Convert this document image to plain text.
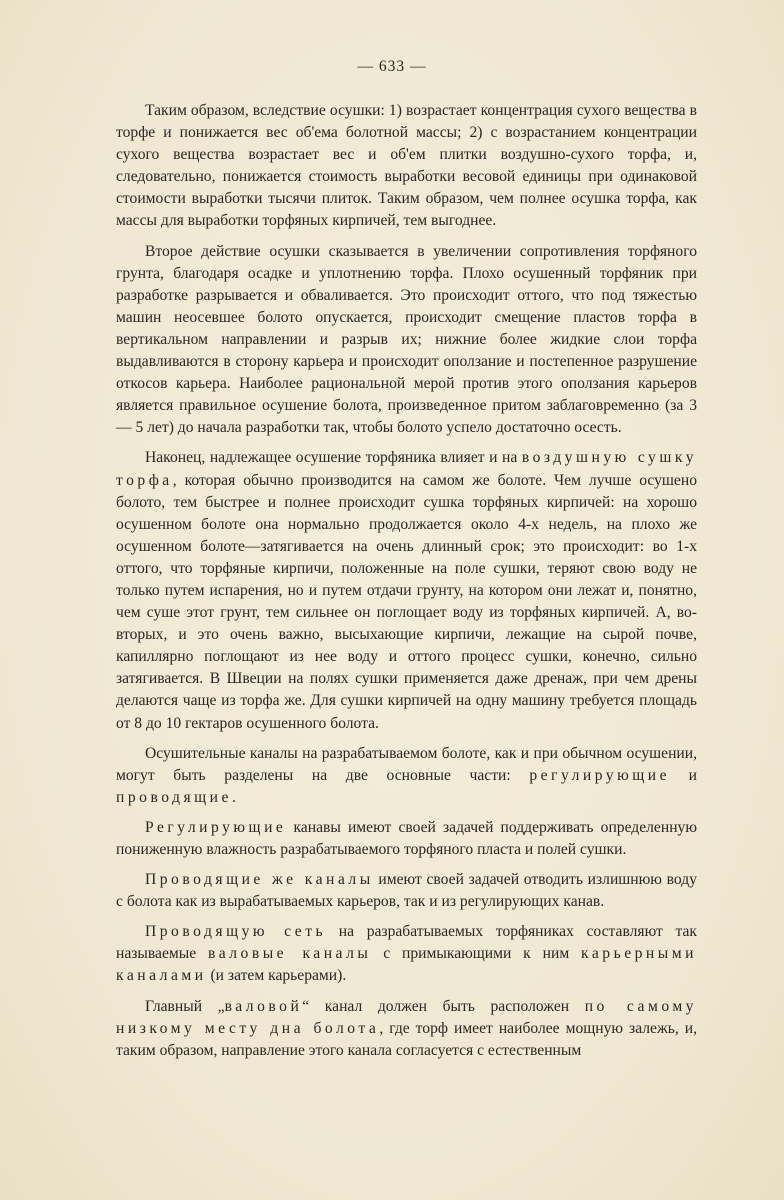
— 633 —

Таким образом, вследствие осушки: 1) возрастает концентрация сухого вещества в торфе и понижается вес об'ема болотной массы; 2) с возрастанием концентрации сухого вещества возрастает вес и об'ем плитки воздушно-сухого торфа, и, следовательно, понижается стоимость выработки весовой единицы при одинаковой стоимости выработки тысячи плиток. Таким образом, чем полнее осушка торфа, как массы для выработки торфяных кирпичей, тем выгоднее.

Второе действие осушки сказывается в увеличении сопротивления торфяного грунта, благодаря осадке и уплотнению торфа. Плохо осушенный торфяник при разработке разрывается и обваливается. Это происходит оттого, что под тяжестью машин неосевшее болото опускается, происходит смещение пластов торфа в вертикальном направлении и разрыв их; нижние более жидкие слои торфа выдавливаются в сторону карьера и происходит оползание и постепенное разрушение откосов карьера. Наиболее рациональной мерой против этого оползания карьеров является правильное осушение болота, произведенное притом заблаговременно (за 3 — 5 лет) до начала разработки так, чтобы болото успело достаточно осесть.

Наконец, надлежащее осушение торфяника влияет и на воздушную сушку торфа, которая обычно производится на самом же болоте. Чем лучше осушено болото, тем быстрее и полнее происходит сушка торфяных кирпичей: на хорошо осушенном болоте она нормально продолжается около 4-х недель, на плохо же осушенном болоте—затягивается на очень длинный срок; это происходит: во 1-х оттого, что торфяные кирпичи, положенные на поле сушки, теряют свою воду не только путем испарения, но и путем отдачи грунту, на котором они лежат и, понятно, чем суше этот грунт, тем сильнее он поглощает воду из торфяных кирпичей. А, во-вторых, и это очень важно, высыхающие кирпичи, лежащие на сырой почве, капиллярно поглощают из нее воду и оттого процесс сушки, конечно, сильно затягивается. В Швеции на полях сушки применяется даже дренаж, при чем дрены делаются чаще из торфа же. Для сушки кирпичей на одну машину требуется площадь от 8 до 10 гектаров осушенного болота.

Осушительные каналы на разрабатываемом болоте, как и при обычном осушении, могут быть разделены на две основные части: регулирующие и проводящие.

Регулирующие канавы имеют своей задачей поддерживать определенную пониженную влажность разрабатываемого торфяного пласта и полей сушки.

Проводящие же каналы имеют своей задачей отводить излишнюю воду с болота как из вырабатываемых карьеров, так и из регулирующих канав.

Проводящую сеть на разрабатываемых торфяниках составляют так называемые валовые каналы с примыкающими к ним карьерными каналами (и затем карьерами).

Главный „валовой“ канал должен быть расположен по самому низкому месту дна болота, где торф имеет наиболее мощную залежь, и, таким образом, направление этого канала согласуется с естественным
